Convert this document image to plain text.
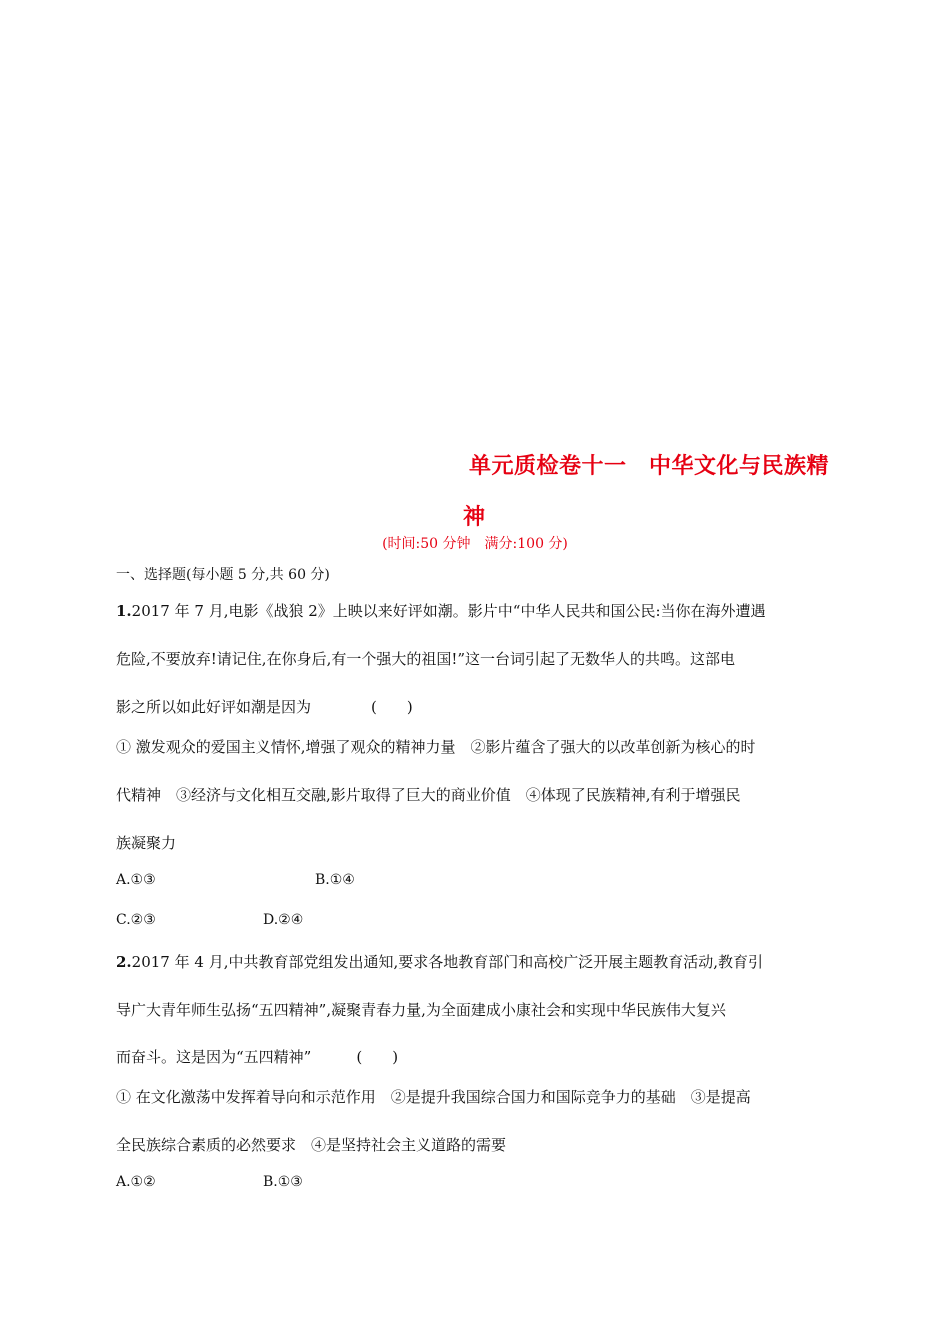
单元质检卷十一　中华文化与民族精
神
(时间:50 分钟　满分:100 分)
一、选择题(每小题 5 分,共 60 分)
1.2017 年 7 月,电影《战狼 2》上映以来好评如潮。影片中“中华人民共和国公民:当你在海外遭遇
危险,不要放弃!请记住,在你身后,有一个强大的祖国!”这一台词引起了无数华人的共鸣。这部电
影之所以如此好评如潮是因为　　　　(　　)
① 激发观众的爱国主义情怀,增强了观众的精神力量　②影片蕴含了强大的以改革创新为核心的时
代精神　③经济与文化相互交融,影片取得了巨大的商业价值　④体现了民族精神,有利于增强民
族凝聚力
A.①③	B.①④
C.②③	D.②④
2.2017 年 4 月,中共教育部党组发出通知,要求各地教育部门和高校广泛开展主题教育活动,教育引
导广大青年师生弘扬“五四精神”,凝聚青春力量,为全面建成小康社会和实现中华民族伟大复兴
而奋斗。这是因为“五四精神”　　　(　　)
① 在文化激荡中发挥着导向和示范作用　②是提升我国综合国力和国际竞争力的基础　③是提高
全民族综合素质的必然要求　④是坚持社会主义道路的需要
A.①②	B.①③
